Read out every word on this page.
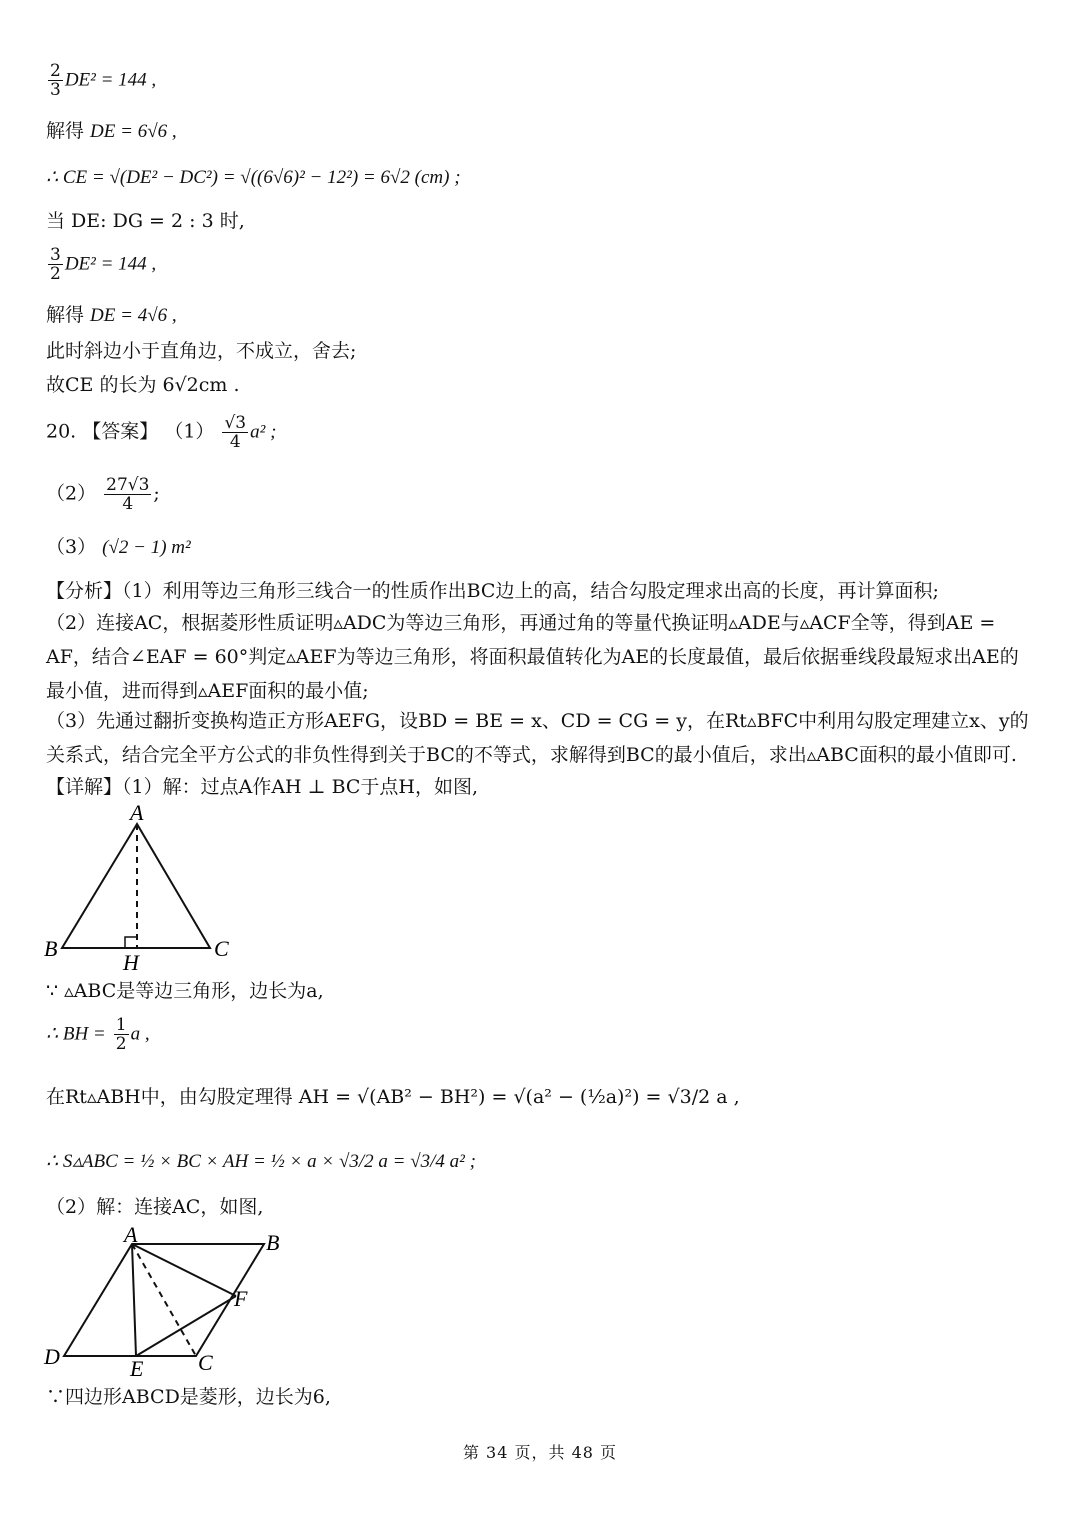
$\frac{2}{3} DE^2 = 144$ ,
解得 DE = 6√6 ,
∴ CE = √(DE² − DC²) = √((6√6)² − 12²) = 6√2 (cm) ;
当 DE: DG = 2 : 3 时,
$\frac{3}{2} DE^2 = 144$ ,
解得 DE = 4√6 ,
此时斜边小于直角边，不成立，舍去;
故CE 的长为 6√2cm .
20. 【答案】 $(1) \frac{√3}{4} a^2$ ;
$(2) \frac{27√3}{4}$ ;
（3） (√2 − 1) m²
【分析】（1）利用等边三角形三线合一的性质作出BC边上的高，结合勾股定理求出高的长度，再计算面积;
（2）连接AC，根据菱形性质证明▵ADC为等边三角形，再通过角的等量代换证明▵ADE与▵ACF全等，得到AE = AF，结合∠EAF = 60°判定▵AEF为等边三角形，将面积最值转化为AE的长度最值，最后依据垂线段最短求出AE的最小值，进而得到▵AEF面积的最小值;
（3）先通过翻折变换构造正方形AEFG，设BD = BE = x、CD = CG = y，在Rt▵BFC中利用勾股定理建立x、y的关系式，结合完全平方公式的非负性得到关于BC的不等式，求解得到BC的最小值后，求出▵ABC面积的最小值即可.
【详解】（1）解：过点A作AH ⊥ BC于点H，如图,
A
B	C
H
∵ ▵ABC是等边三角形，边长为a,
∴ BH = $\frac{1}{2}$ a ,
在Rt▵ABH中，由勾股定理得 AH = √(AB² − BH²) = √(a² − (½a)²) = √3/2 a ,
∴ S▵ABC = ½ × BC × AH = ½ × a × √3/2 a = √3/4 a² ;
（2）解：连接AC，如图,
A	B
C
D	E
F
∵四边形ABCD是菱形，边长为6,
第 34 页，共 48 页
